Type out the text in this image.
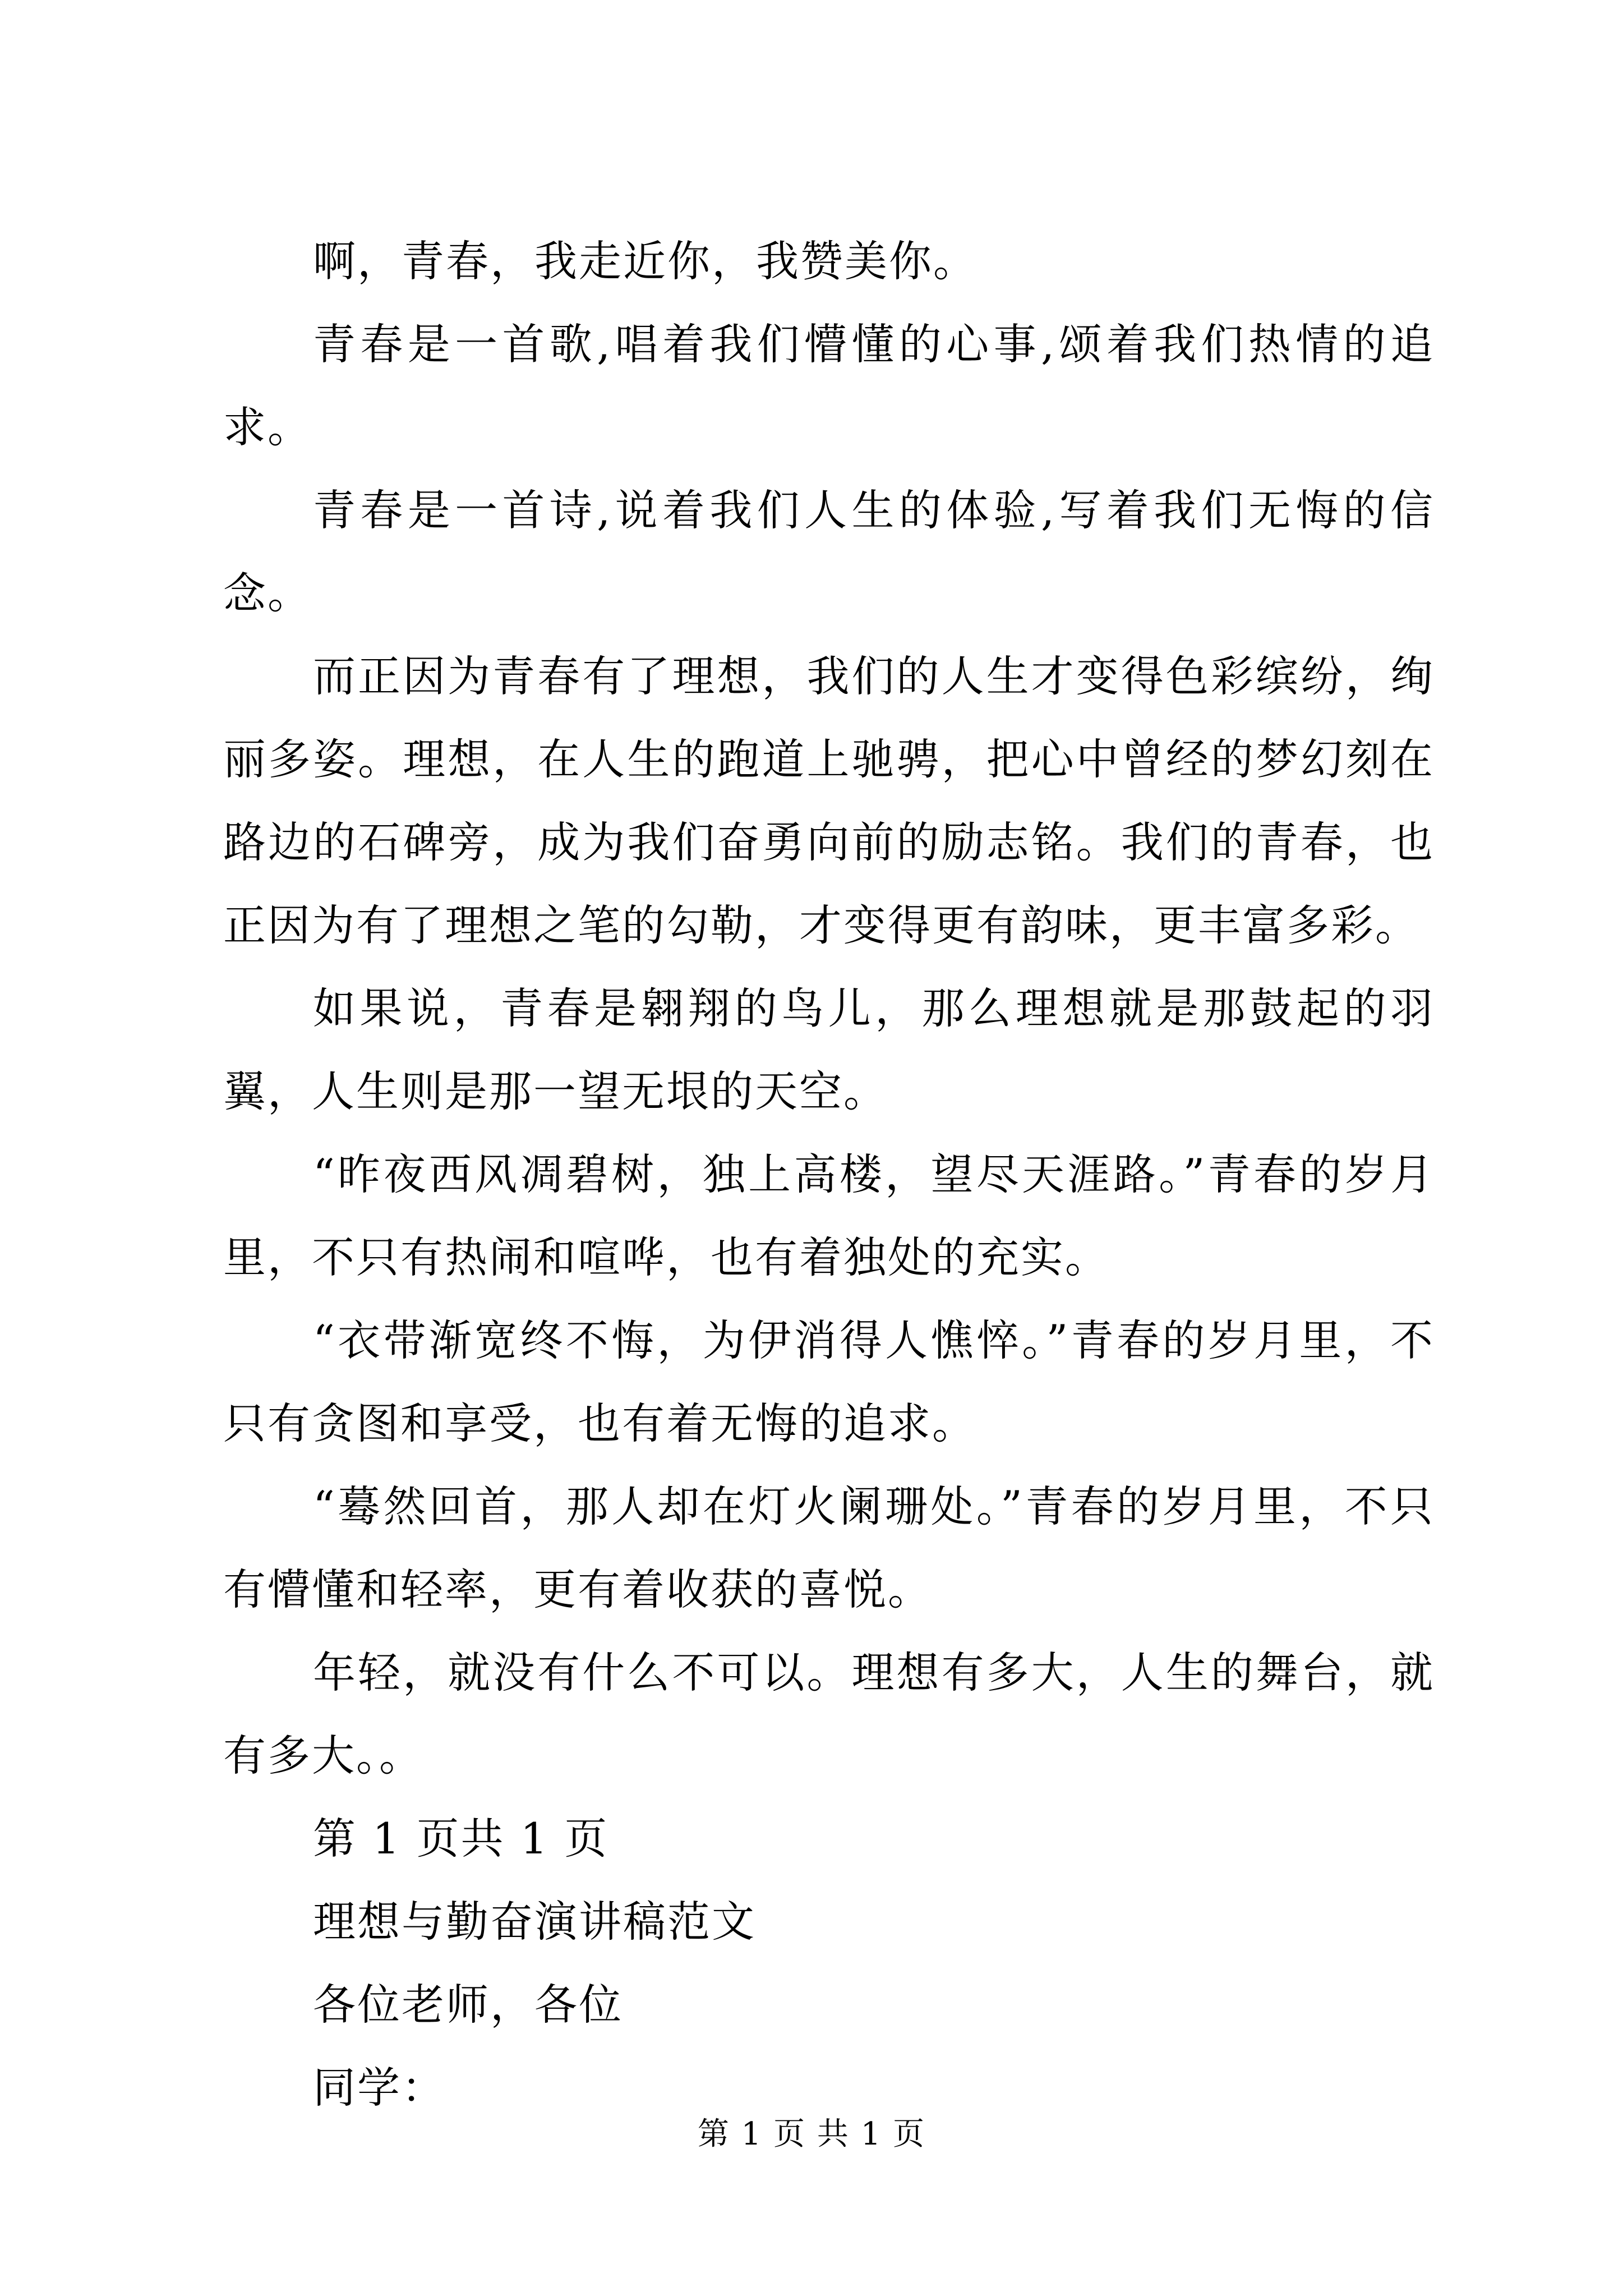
啊，青春，我走近你，我赞美你。

青春是一首歌,唱着我们懵懂的心事,颂着我们热情的追求。

青春是一首诗,说着我们人生的体验,写着我们无悔的信念。

而正因为青春有了理想，我们的人生才变得色彩缤纷，绚丽多姿。理想，在人生的跑道上驰骋，把心中曾经的梦幻刻在路边的石碑旁，成为我们奋勇向前的励志铭。我们的青春，也正因为有了理想之笔的勾勒，才变得更有韵味，更丰富多彩。

如果说，青春是翱翔的鸟儿，那么理想就是那鼓起的羽翼，人生则是那一望无垠的天空。

“昨夜西风凋碧树，独上高楼，望尽天涯路。”青春的岁月里，不只有热闹和喧哗，也有着独处的充实。

“衣带渐宽终不悔，为伊消得人憔悴。”青春的岁月里，不只有贪图和享受，也有着无悔的追求。

“蓦然回首，那人却在灯火阑珊处。”青春的岁月里，不只有懵懂和轻率，更有着收获的喜悦。

年轻，就没有什么不可以。理想有多大，人生的舞台，就有多大。。

第 1 页共 1 页

理想与勤奋演讲稿范文

各位老师，各位

同学：

第 1 页 共 1 页
